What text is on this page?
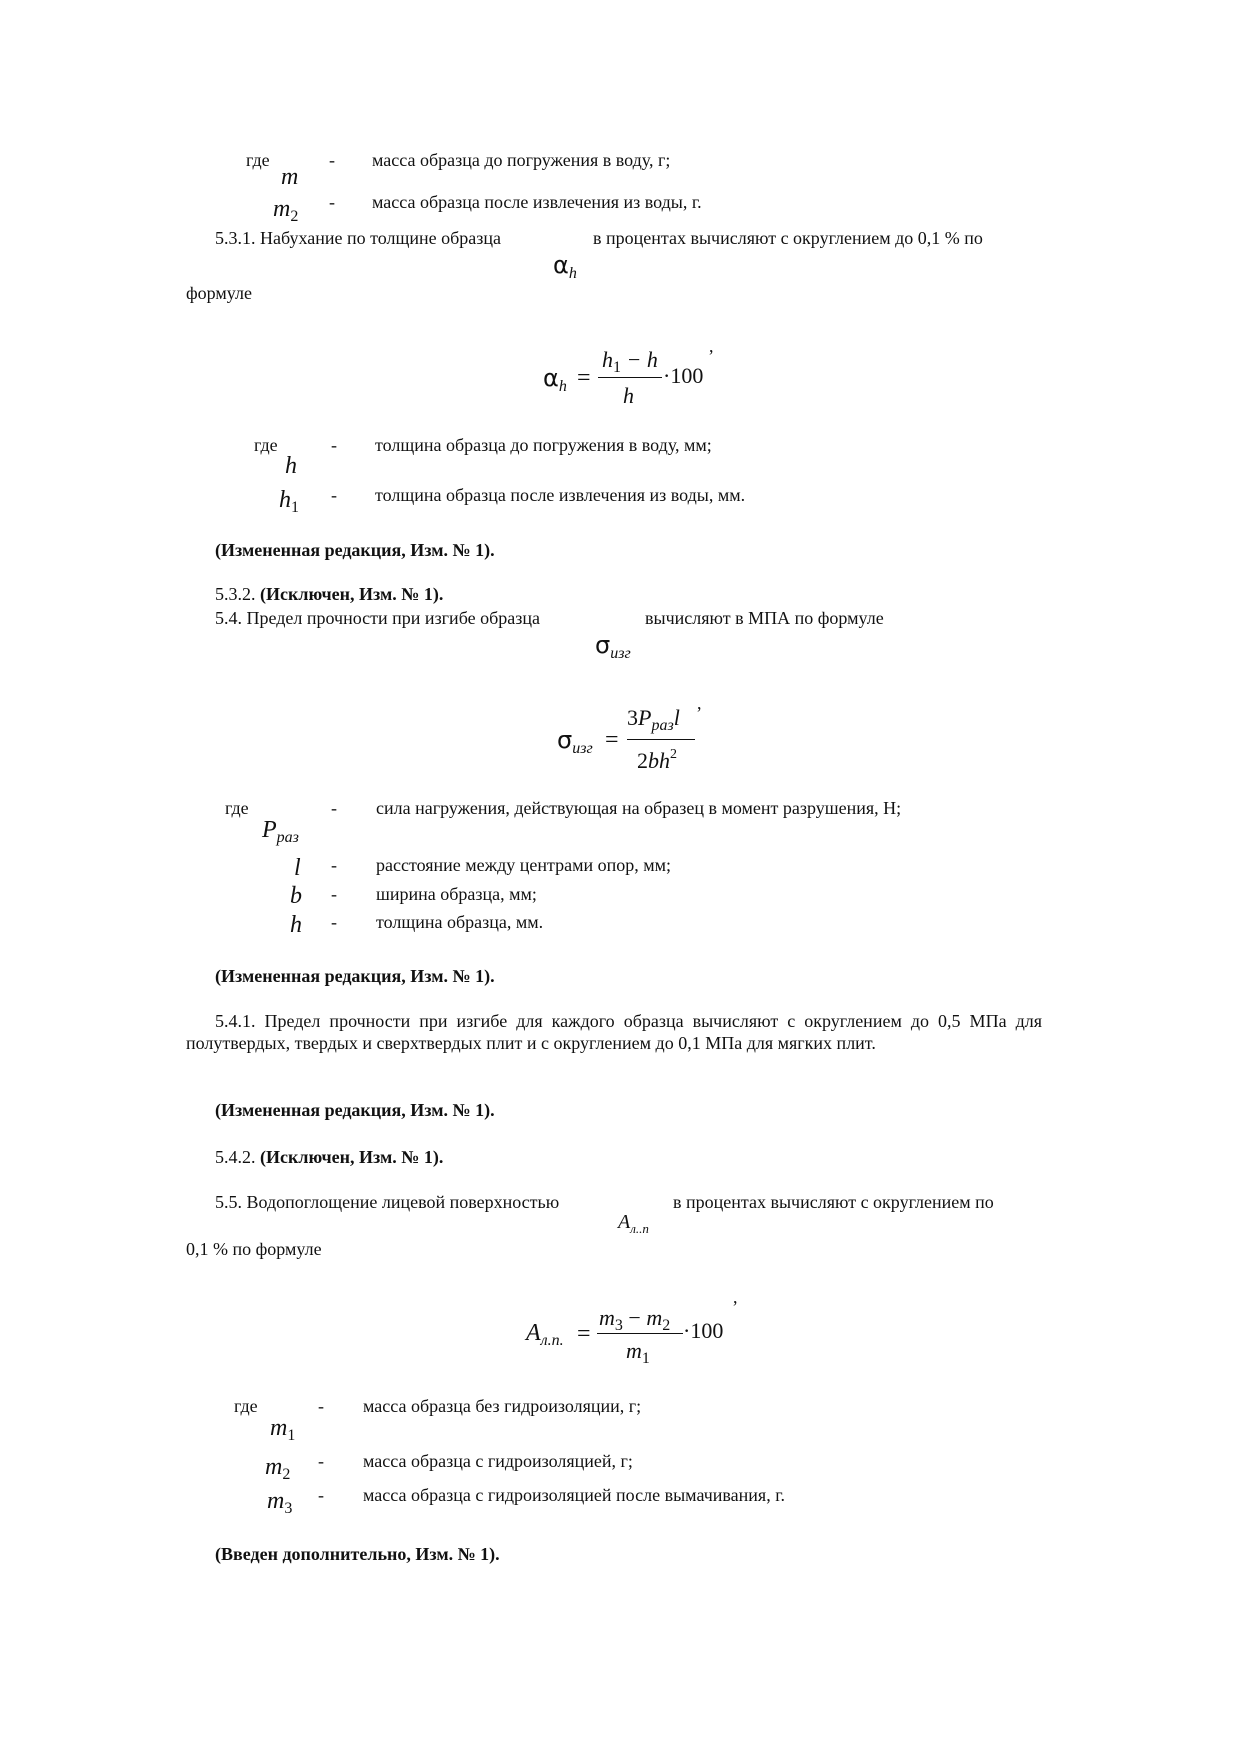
где
m
- масса образца до погружения в воду, г;
$m_2$
- масса образца после извлечения из воды, г.
5.3.1. Набухание по толщине образца
αh
в процентах вычисляют с округлением до 0,1 % по
формуле
,
αh =
$h_1 - h$
h
·100
где
h
- толщина образца до погружения в воду, мм;
$h_1$
- толщина образца после извлечения из воды, мм.
(Измененная редакция, Изм. № 1).
5.3.2. (Исключен, Изм. № 1).
5.4. Предел прочности при изгибе образца
σизг
вычисляют в МПА по формуле
,
σизг =
$3P_{раз}l$
$2bh^2$
где
$P_{раз}$
- сила нагружения, действующая на образец в момент разрушения, Н;
l - расстояние между центрами опор, мм;
b - ширина образца, мм;
h - толщина образца, мм.
(Измененная редакция, Изм. № 1).
5.4.1. Предел прочности при изгибе для каждого образца вычисляют с округлением до 0,5 МПа для полутвердых, твердых и сверхтвердых плит и с округлением до 0,1 МПа для мягких плит.
(Измененная редакция, Изм. № 1).
5.4.2. (Исключен, Изм. № 1).
5.5. Водопоглощение лицевой поверхностью
$A_{л..п}$
в процентах вычисляют с округлением по
0,1 % по формуле
,
$A_{л.п.}$ =
$m_3 - m_2$
$m_1$
·100
где
$m_1$
- масса образца без гидроизоляции, г;
$m_2$
- масса образца с гидроизоляцией, г;
$m_3$
- масса образца с гидроизоляцией после вымачивания, г.
(Введен дополнительно, Изм. № 1).
